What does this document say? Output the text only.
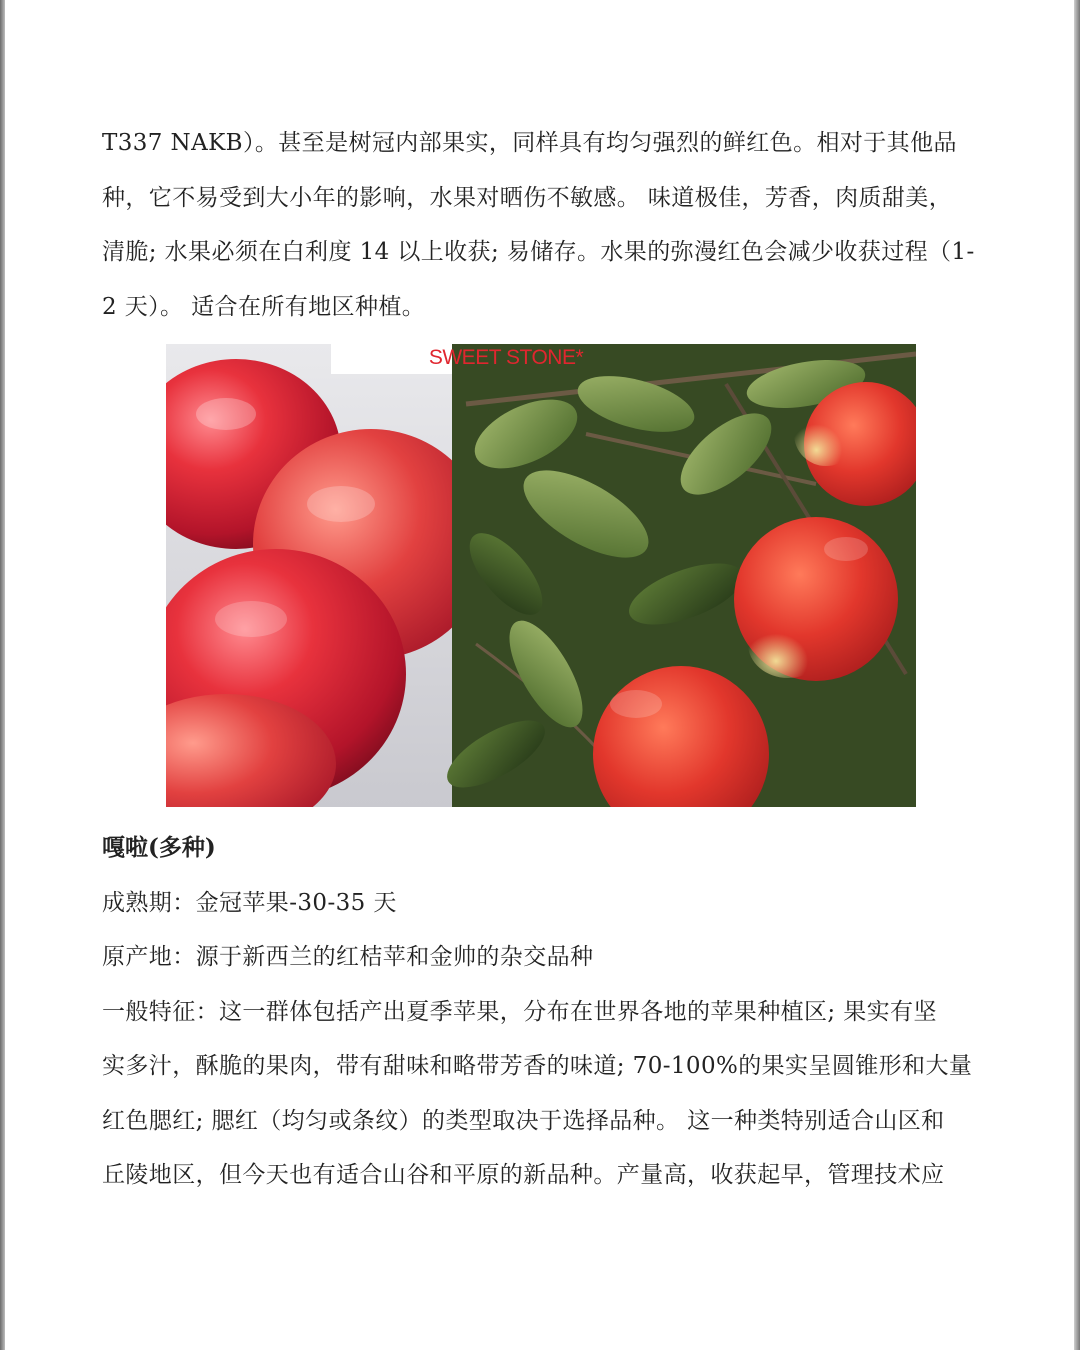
T337 NAKB）。甚至是树冠内部果实，同样具有均匀强烈的鲜红色。相对于其他品

种，它不易受到大小年的影响，水果对晒伤不敏感。 味道极佳，芳香，肉质甜美，

清脆; 水果必须在白利度 14 以上收获; 易储存。水果的弥漫红色会减少收获过程（1-

2 天）。 适合在所有地区种植。

SWEET STONE*
嘎啦(多种)

成熟期：金冠苹果-30-35 天

原产地：源于新西兰的红桔苹和金帅的杂交品种

一般特征：这一群体包括产出夏季苹果，分布在世界各地的苹果种植区; 果实有坚

实多汁，酥脆的果肉，带有甜味和略带芳香的味道; 70-100%的果实呈圆锥形和大量

红色腮红; 腮红（均匀或条纹）的类型取决于选择品种。 这一种类特别适合山区和

丘陵地区，但今天也有适合山谷和平原的新品种。产量高，收获起早，管理技术应
